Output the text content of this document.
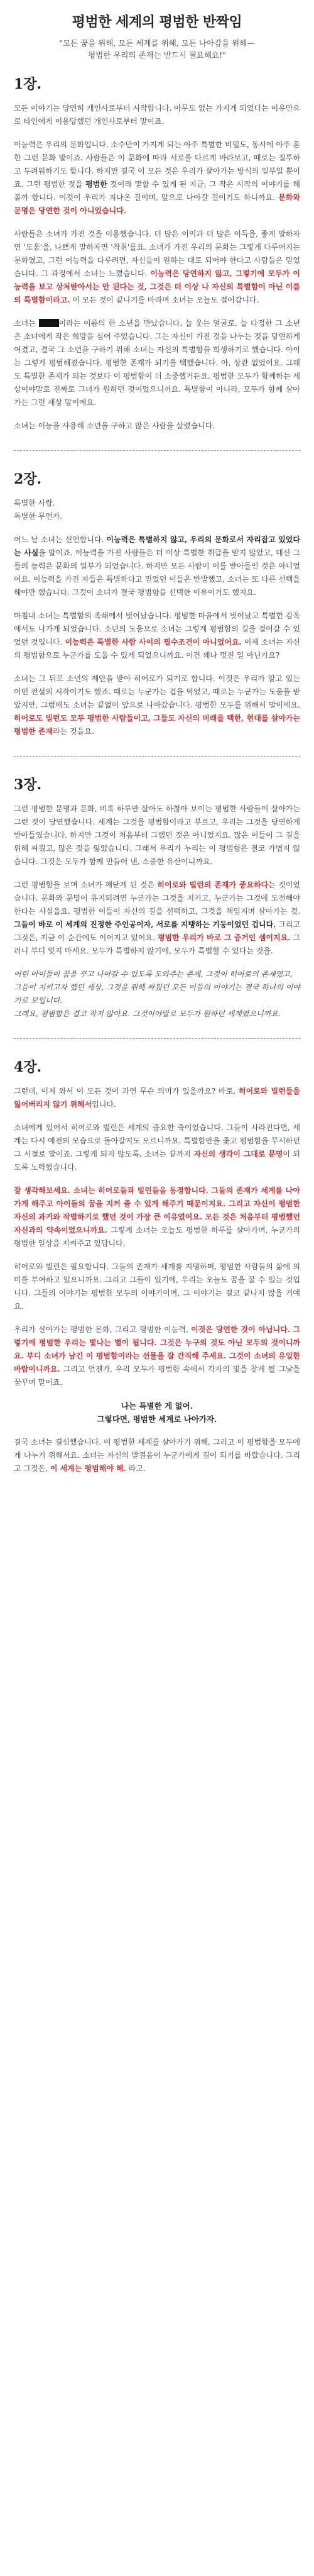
평범한 세계의 평범한 반짝임
"모든 꿈을 위해, 모든 세계를 위해, 모든 나아감을 위해—
평범한 우리의 존재는 반드시 필요해요!"
1장.
모든 이야기는 당연히 개인사로부터 시작합니다. 아무도 없는 가지게 되었다는 이유만으로 타인에게 이용당했던 개인사로부터 말이죠.
이능력은 우리의 문화입니다. 소수만이 가지게 되는 아주 특별한 비밀도, 동시에 아주 흔한 그런 문화 말이죠. 사람들은 이 문화에 따라 서로를 다르게 바라보고, 때로는 질투하고 두려워하기도 합니다. 하지만 결국 이 모든 것은 우리가 살아가는 방식의 일부일 뿐이죠. 그런 평범한 것을 평범한 것이라 말할 수 있게 된 지금, 그 작은 시작의 이야기를 해볼까 합니다. 이것이 우리가 지나온 길이며, 앞으로 나아갈 길이기도 하니까요. 문화와 문명은 당연한 것이 아니었습니다.
사람들은 소녀가 가진 것을 이용했습니다. 더 많은 이익과 더 많은 이득을, 좋게 말하자면 '도움'을, 나쁘게 말하자면 '착취'를요. 소녀가 가진 우리의 문화는 그렇게 다루어지는 문화였고, 그런 이능력을 다루려면, 자신들이 원하는 대로 되어야 한다고 사람들은 믿었습니다. 그 과정에서 소녀는 느꼈습니다. 이능력은 당연하지 않고, 그렇기에 모두가 이능력을 보고 상처받아서는 안 된다는 것, 그것은 더 이상 나 자신의 특별함이 아닌 이름의 특별함이라고. 이 모든 것이 끝나기를 바라며 소녀는 오늘도 걸어갑니다.
소녀는	이라는 이름의 한 소년을 만났습니다. 늘 웃는 얼굴로, 늘 다정한 그 소년은 소녀에게 작은 희망을 심어 주었습니다. 그는 자신이 가진 것을 나누는 것을 당연하게 여겼고, 결국 그 소년을 구하기 위해 소녀는 자신의 특별함을 희생하기로 했습니다. 아이는 그렇게 평범해졌습니다. 평범한 존재가 되기를 택했습니다. 아, 상관 없었어요. 그래도 특별한 존재가 되는 것보다 이 평범함이 더 소중했거든요. 평범한 모두가 함께하는 세상이야말로 진짜로 그녀가 원하던 것이었으니까요. 특별함이 아니라, 모두가 함께 살아가는 그런 세상 말이에요.
소녀는 이능을 사용해 소년을 구하고 많은 사람을 살렸습니다.
2장.
특별한 사람.
특별한 무언가.
어느 날 소녀는 선언합니다. 이능력은 특별하지 않고, 우리의 문화로서 자리잡고 있었다는 사실을 말이죠. 이능력을 가진 사람들은 더 이상 특별한 취급을 받지 않았고, 대신 그들의 능력은 문화의 일부가 되었습니다. 하지만 모든 사람이 이를 받아들인 것은 아니었어요. 이능력을 가진 자들은 특별하다고 믿었던 이들은 반발했고, 소녀는 또 다른 선택을 해야만 했습니다. 그것이 소녀가 결국 평범함을 선택한 이유이기도 했지요.
마침내 소녀는 특별함의 족쇄에서 벗어났습니다. 평범한 마을에서 벗어났고 특별한 감옥에서도 나가게 되었습니다. 소년의 도움으로 소녀는 그렇게 평범함의 길을 걸어갈 수 있었던 것입니다. 이능력은 특별한 사람 사이의 필수조건이 아니었어요. 이제 소녀는 자신의 평범함으로 누군가를 도울 수 있게 되었으니까요. 이건 꽤나 멋진 일 아닌가요?
소녀는 그 뒤로 소년의 제안을 받아 히어로가 되기로 합니다. 이것은 우리가 알고 있는 어떤 전설의 시작이기도 했죠. 때로는 누군가는 겁을 먹었고, 때로는 누군가는 도움을 받았지만, 그럼에도 소녀는 끝없이 앞으로 나아갔습니다. 평범한 모두를 위해서 말이에요. 히어로도 빌런도 모두 평범한 사람들이고, 그들도 자신의 미래를 택한, 현대를 살아가는 평범한 존재라는 것을요.
3장.
그런 평범한 문명과 문화, 비록 하루만 살아도 하찮아 보이는 평범한 사람들이 살아가는 그런 것이 당연했습니다. 세계는 그것을 평범함이라고 부르고, 우리는 그것을 당연하게 받아들였습니다. 하지만 그것이 처음부터 그랬던 것은 아니었지요. 많은 이들이 그 길을 위해 싸웠고, 많은 것을 잃었습니다. 그래서 우리가 누리는 이 평범함은 결코 가볍지 않습니다. 그것은 모두가 함께 만들어 낸, 소중한 유산이니까요.
그런 평범함을 보며 소녀가 깨닫게 된 것은 히어로와 빌런의 존재가 중요하다는 것이었습니다. 문화와 문명이 유지되려면 누군가는 그것을 지키고, 누군가는 그것에 도전해야 한다는 사실을요. 평범한 이들이 자신의 길을 선택하고, 그것을 책임지며 살아가는 것. 그들이 바로 이 세계의 진정한 주인공이자, 서로를 지탱하는 기둥이었던 겁니다. 그리고 그것은, 지금 이 순간에도 이어지고 있어요. 평범한 우리가 바로 그 증거인 셈이지요. 그러니 부디 잊지 마세요. 모두가 특별하지 않기에, 모두가 특별할 수 있다는 것을.
어린 아이들이 꿈을 꾸고 나아갈 수 있도록 도와주는 존재, 그것이 히어로의 존재였고,
그들이 지키고자 했던 세상, 그것을 위해 싸웠던 모든 이들의 이야기는 결국 하나의 이야기로 모입니다.
그래요, 평범함은 결코 작지 않아요. 그것이야말로 모두가 원하던 세계였으니까요.
4장.
그런데, 이제 와서 이 모든 것이 과연 무슨 의미가 있을까요? 바로, 히어로와 빌런들을 잃어버리지 않기 위해서입니다.
소녀에게 있어서 히어로와 빌런은 세계의 중요한 축이었습니다. 그들이 사라진다면, 세계는 다시 예전의 모습으로 돌아갈지도 모르니까요. 특별함만을 좇고 평범함을 무시하던 그 시절로 말이죠. 그렇게 되지 않도록, 소녀는 끝까지 자신의 생각이 그대로 문명이 되도록 노력했습니다.
잘 생각해보세요. 소녀는 히어로들과 빌런들을 동경합니다. 그들의 존재가 세계를 나아가게 해주고 아이들의 꿈을 지켜 줄 수 있게 해주기 때문이지요. 그리고 자신이 평범한 자신의 과거와 작별하기로 했던 것이 가장 큰 이유였어요. 모든 것은 처음부터 평범했던 자신과의 약속이었으니까요. 그렇게 소녀는 오늘도 평범한 하루를 살아가며, 누군가의 평범한 일상을 지켜주고 있답니다.
히어로와 빌런은 필요합니다. 그들의 존재가 세계를 지탱하며, 평범한 사람들의 삶에 의미를 부여하고 있으니까요. 그리고 그들이 있기에, 우리는 오늘도 꿈을 꿀 수 있는 것입니다. 그들의 이야기는 평범한 모두의 이야기이며, 그 이야기는 결코 끝나지 않을 거예요.
우리가 살아가는 평범한 문화, 그리고 평범한 이능력, 이것은 당연한 것이 아닙니다. 그렇기에 평범한 우리는 빛나는 별이 됩니다. 그것은 누구의 것도 아닌 모두의 것이니까요. 부디 소녀가 남긴 이 평범함이라는 선물을 잘 간직해 주세요. 그것이 소녀의 유일한 바람이니까요. 그리고 언젠가, 우리 모두가 평범함 속에서 각자의 빛을 찾게 될 그날을 꿈꾸며 말이죠.
나는 특별한 게 없어.
그렇다면, 평범한 세계로 나아가자.
결국 소녀는 결심했습니다. 이 평범한 세계를 살아가기 위해, 그리고 이 평범함을 모두에게 나누기 위해서요. 소녀는 자신의 발걸음이 누군가에게 길이 되기를 바랐습니다. 그리고 그것은, 이 세계는 평범해야 해. 라고.
